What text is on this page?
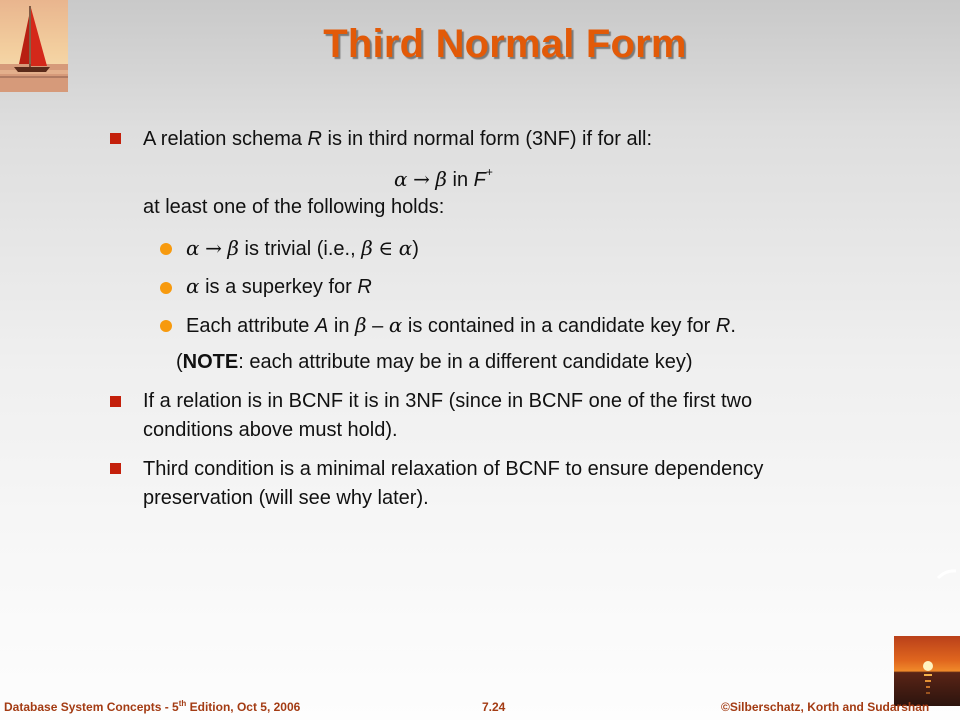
Third Normal Form
A relation schema R is in third normal form (3NF) if for all:
α → β in F+
at least one of the following holds:
α → β is trivial (i.e., β ∈ α)
α is a superkey for R
Each attribute A in β – α is contained in a candidate key for R.
(NOTE: each attribute may be in a different candidate key)
If a relation is in BCNF it is in 3NF (since in BCNF one of the first two
conditions above must hold).
Third condition is a minimal relaxation of BCNF to ensure dependency
preservation (will see why later).
Database System Concepts - 5th Edition, Oct 5, 2006	7.24	©Silberschatz, Korth and Sudarshan
